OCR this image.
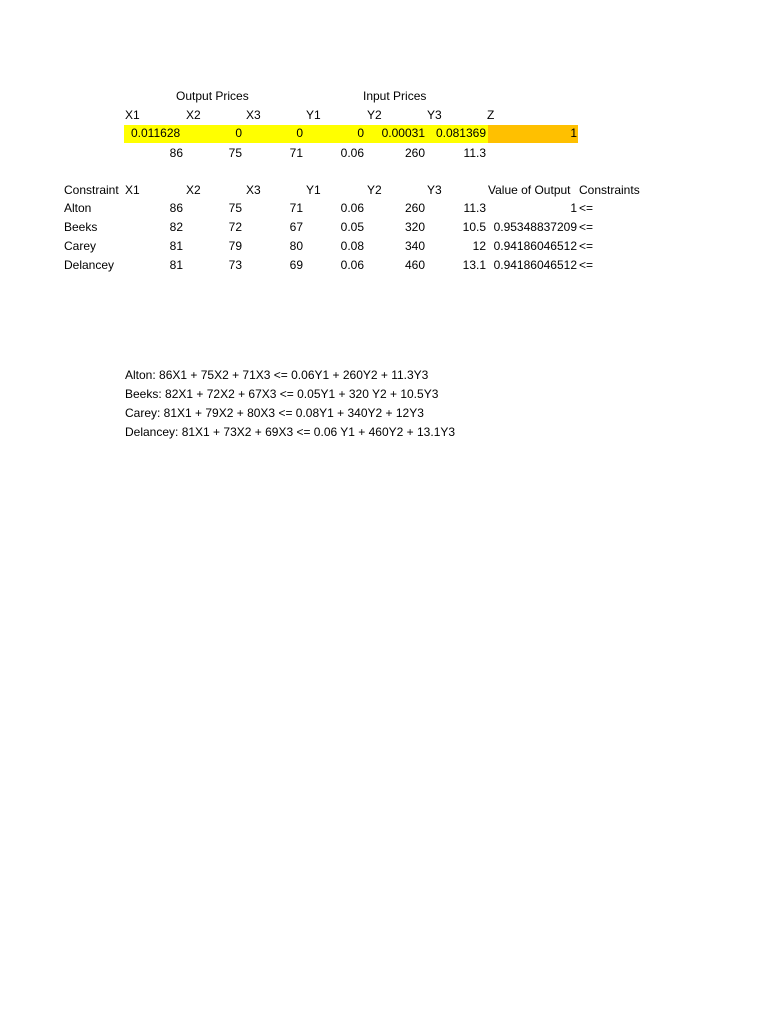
Output Prices	Input Prices
X1	X2	X3	Y1	Y2	Y3	Z
0.011628	0	0	0 0.00031 0.081369	1
86	75	71	0.06	260	11.3
Constraint X1	X2	X3	Y1	Y2	Y3	Value of Output Constraints
Alton	86	75	71	0.06	260	11.3	1 <=
Beeks	82	72	67	0.05	320	10.5 0.95348837209 <=
Carey	81	79	80	0.08	340	12 0.94186046512 <=
Delancey	81	73	69	0.06	460	13.1 0.94186046512 <=
Alton: 86X1 + 75X2 + 71X3 <= 0.06Y1 + 260Y2 + 11.3Y3
Beeks: 82X1 + 72X2 + 67X3 <= 0.05Y1 + 320 Y2 + 10.5Y3
Carey: 81X1 + 79X2 + 80X3 <= 0.08Y1 + 340Y2 + 12Y3
Delancey: 81X1 + 73X2 + 69X3 <= 0.06 Y1 + 460Y2 + 13.1Y3
